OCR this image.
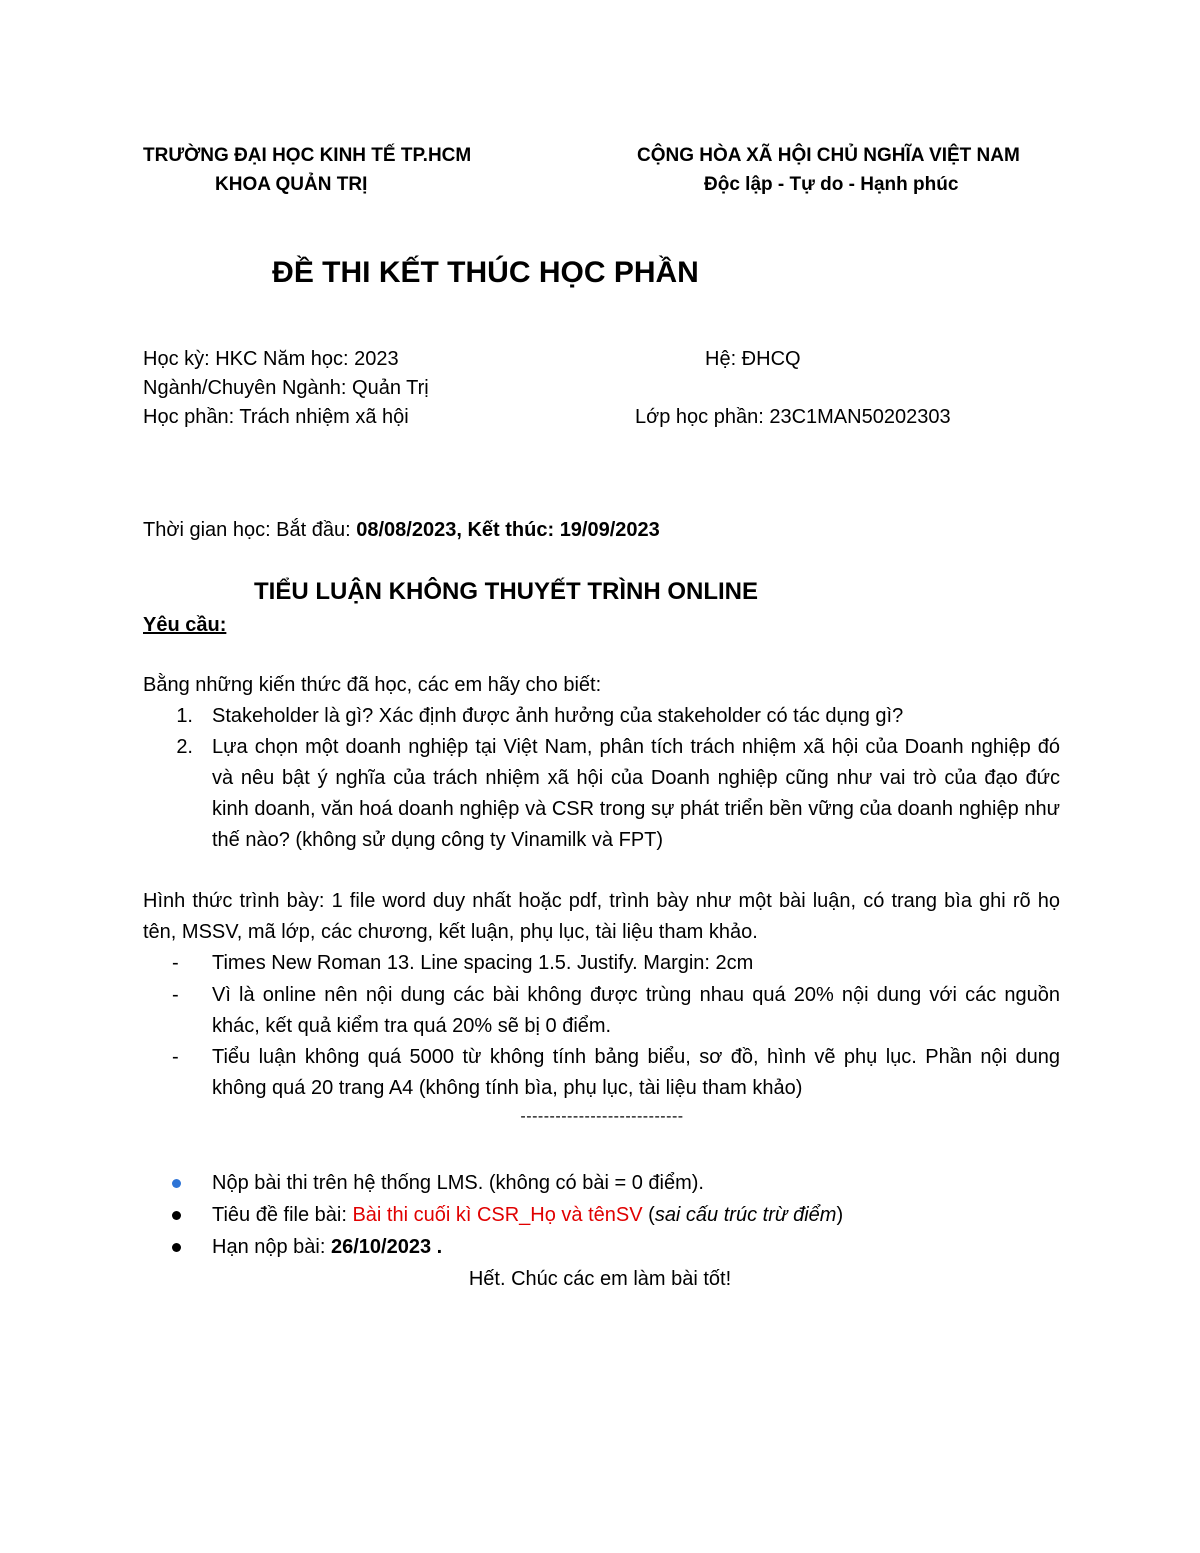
TRƯỜNG ĐẠI HỌC KINH TẾ TP.HCM
KHOA QUẢN TRỊ
CỘNG HÒA XÃ HỘI CHỦ NGHĨA VIỆT NAM
Độc lập - Tự do - Hạnh phúc
ĐỀ THI KẾT THÚC HỌC PHẦN
Học kỳ: HKC Năm học: 2023	Hệ: ĐHCQ
Ngành/Chuyên Ngành: Quản Trị
Học phần: Trách nhiệm xã hội	Lớp học phần: 23C1MAN50202303
Thời gian học: Bắt đầu: 08/08/2023, Kết thúc: 19/09/2023
TIỂU LUẬN KHÔNG THUYẾT TRÌNH ONLINE
Yêu cầu:
Bằng những kiến thức đã học, các em hãy cho biết:
1. Stakeholder là gì? Xác định được ảnh hưởng của stakeholder có tác dụng gì?
2. Lựa chọn một doanh nghiệp tại Việt Nam, phân tích trách nhiệm xã hội của Doanh nghiệp đó và nêu bật ý nghĩa của trách nhiệm xã hội của Doanh nghiệp cũng như vai trò của đạo đức kinh doanh, văn hoá doanh nghiệp và CSR trong sự phát triển bền vững của doanh nghiệp như thế nào? (không sử dụng công ty Vinamilk và FPT)
Hình thức trình bày: 1 file word duy nhất hoặc pdf, trình bày như một bài luận, có trang bìa ghi rõ họ tên, MSSV, mã lớp, các chương, kết luận, phụ lục, tài liệu tham khảo.
- Times New Roman 13. Line spacing 1.5. Justify. Margin: 2cm
- Vì là online nên nội dung các bài không được trùng nhau quá 20% nội dung với các nguồn khác, kết quả kiểm tra quá 20% sẽ bị 0 điểm.
- Tiểu luận không quá 5000 từ không tính bảng biểu, sơ đồ, hình vẽ phụ lục. Phần nội dung không quá 20 trang A4 (không tính bìa, phụ lục, tài liệu tham khảo)
----------------------------
Nộp bài thi trên hệ thống LMS. (không có bài = 0 điểm).
Tiêu đề file bài: Bài thi cuối kì CSR_Họ và tênSV (sai cấu trúc trừ điểm)
Hạn nộp bài: 26/10/2023 .
Hết. Chúc các em làm bài tốt!
